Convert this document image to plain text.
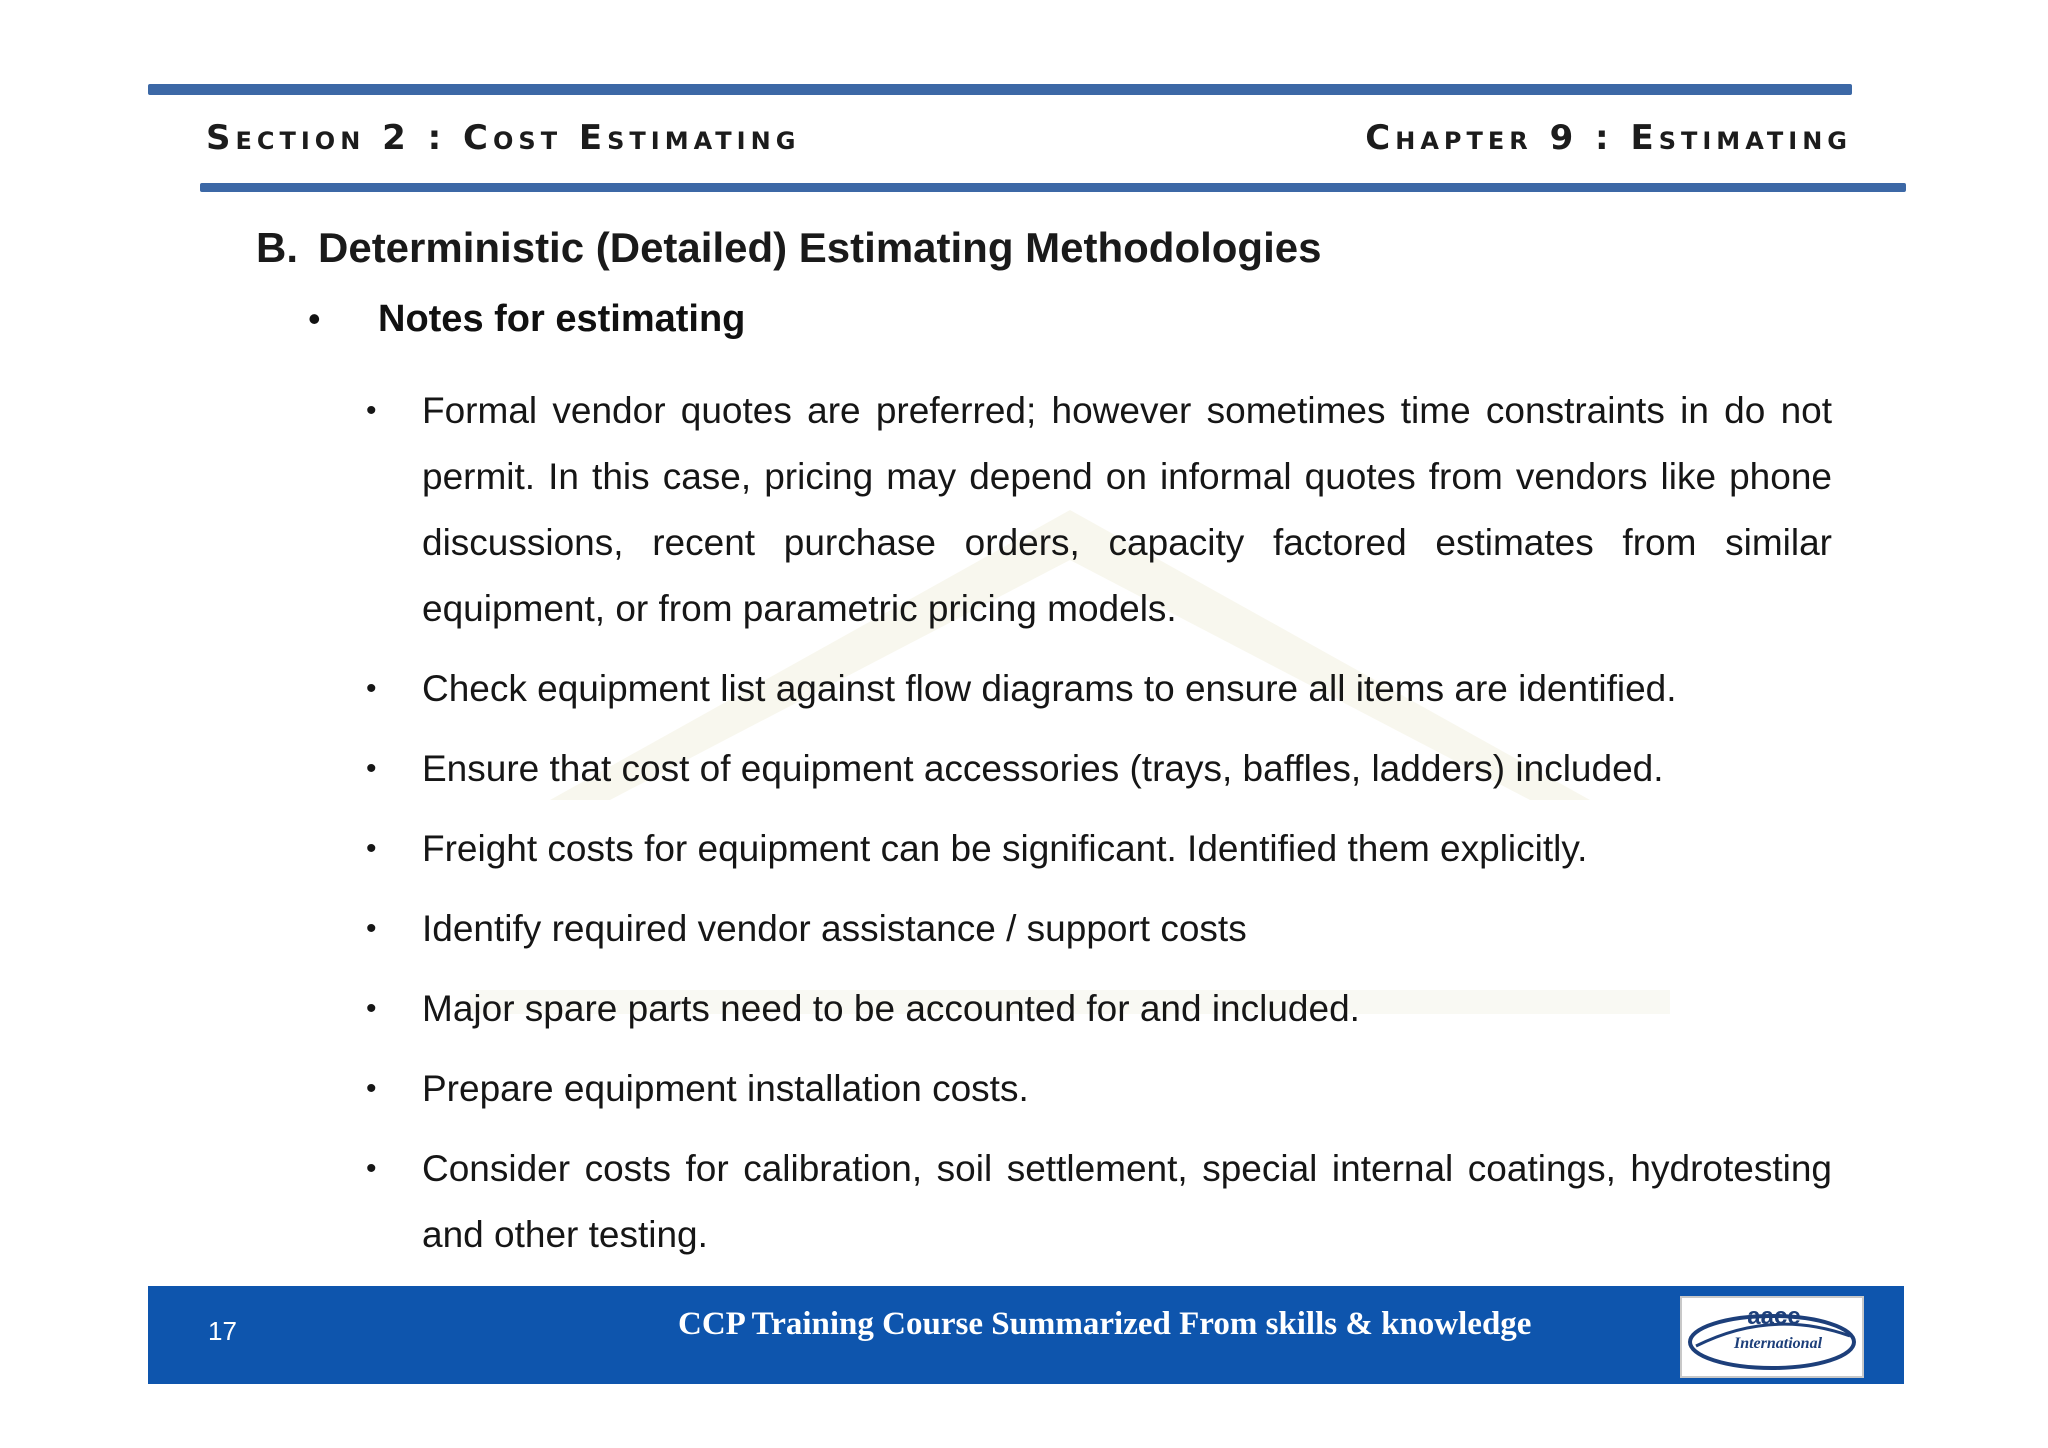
Section 2 : Cost Estimating	Chapter 9 : Estimating
B. Deterministic (Detailed) Estimating Methodologies
• Notes for estimating
• Formal vendor quotes are preferred; however sometimes time constraints in do not permit. In this case, pricing may depend on informal quotes from vendors like phone discussions, recent purchase orders, capacity factored estimates from similar equipment, or from parametric pricing models.
• Check equipment list against flow diagrams to ensure all items are identified.
• Ensure that cost of equipment accessories (trays, baffles, ladders) included.
• Freight costs for equipment can be significant. Identified them explicitly.
• Identify required vendor assistance / support costs
• Major spare parts need to be accounted for and included.
• Prepare equipment installation costs.
• Consider costs for calibration, soil settlement, special internal coatings, hydrotesting and other testing.
17	CCP Training Course Summarized From skills & knowledge	aace
International
